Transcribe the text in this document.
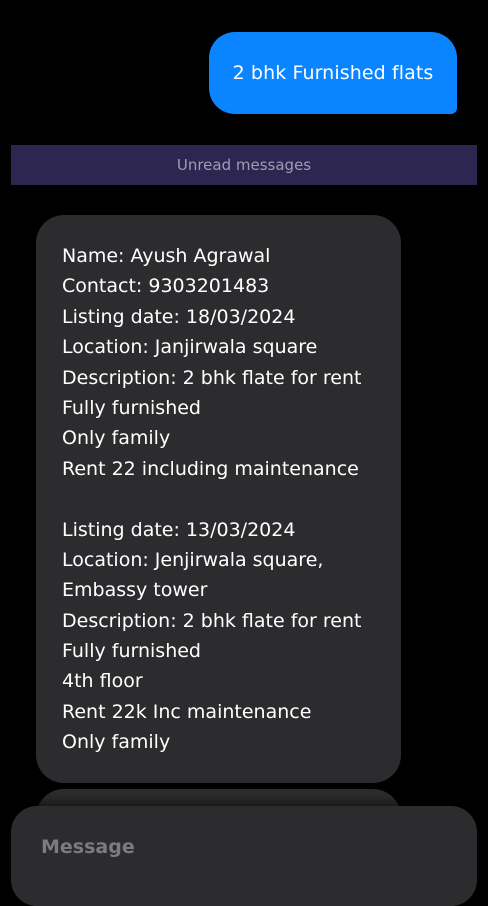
2 bhk Furnished flats
Unread messages
Name: Ayush Agrawal
Contact: 9303201483
Listing date: 18/03/2024
Location: Janjirwala square
Description: 2 bhk flate for rent
Fully furnished
Only family
Rent 22 including maintenance
Listing date: 13/03/2024
Location: Jenjirwala square,
Embassy tower
Description: 2 bhk flate for rent
Fully furnished
4th floor
Rent 22k Inc maintenance
Only family
Message
